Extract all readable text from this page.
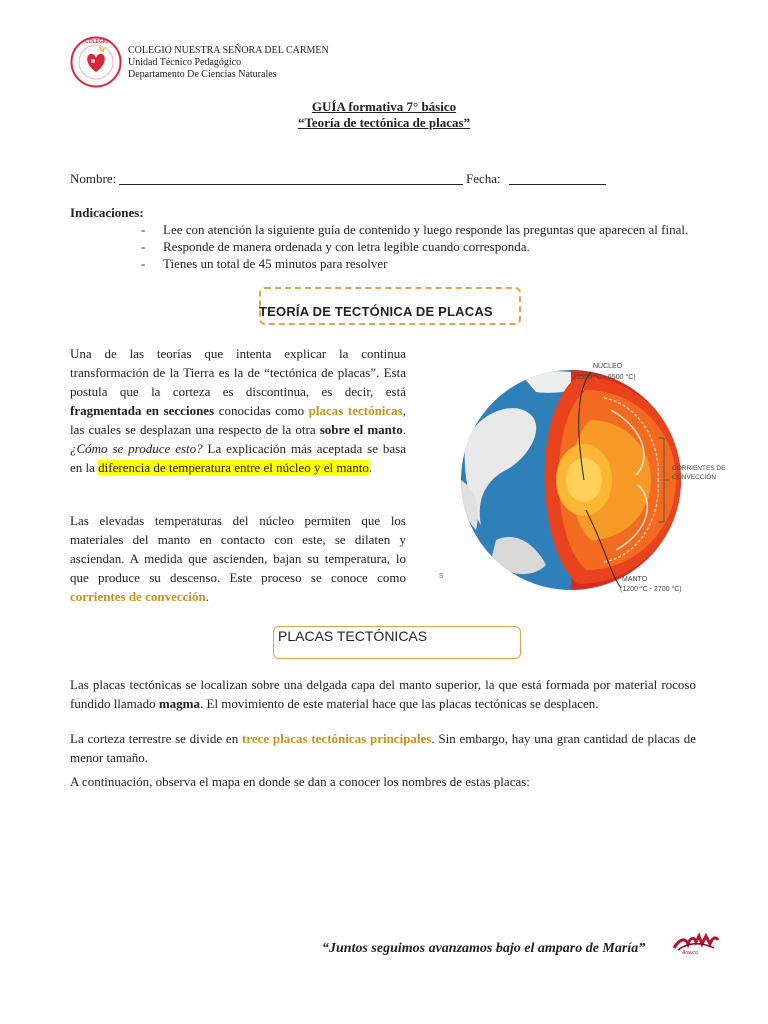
COLEGIO
COLEGIO NUESTRA SEÑORA DEL CARMEN
Unidad Técnico Pedagógico
Departamento De Ciencias Naturales
GUÍA formativa 7° básico
“Teoría de tectónica de placas”
Nombre:	Fecha:
Indicaciones:
- Lee con atención la siguiente guía de contenido y luego responde las preguntas que aparecen al final.
- Responde de manera ordenada y con letra legible cuando corresponda.
- Tienes un total de 45 minutos para resolver
TEORÍA DE TECTÓNICA DE PLACAS
Una de las teorías que intenta explicar la continua transformación de la Tierra es la de “tectónica de placas”. Esta postula que la corteza es discontinua, es decir, está fragmentada en secciones conocidas como placas tectónicas, las cuales se desplazan una respecto de la otra sobre el manto. ¿Cómo se produce esto? La explicación más aceptada se basa en la diferencia de temperatura entre el núcleo y el manto.
Las elevadas temperaturas del núcleo permiten que los materiales del manto en contacto con este, se dilaten y asciendan. A medida que ascienden, bajan su temperatura, lo que produce su descenso. Este proceso se conoce como corrientes de convección.
s
NÚCLEO
(3500 °C - 6500 °C)
CORRIENTES DE
CONVECCIÓN
MANTO
(1200 °C - 2700 °C)
PLACAS TECTÓNICAS
Las placas tectónicas se localizan sobre una delgada capa del manto superior, la que está formada por material rocoso fundido llamado magma. El movimiento de este material hace que las placas tectónicas se desplacen.
La corteza terrestre se divide en trece placas tectónicas principales. Sin embargo, hay una gran cantidad de placas de menor tamaño.
A continuación, observa el mapa en donde se dan a conocer los nombres de estas placas:
“Juntos seguimos avanzamos bajo el amparo de María”	Arauco
